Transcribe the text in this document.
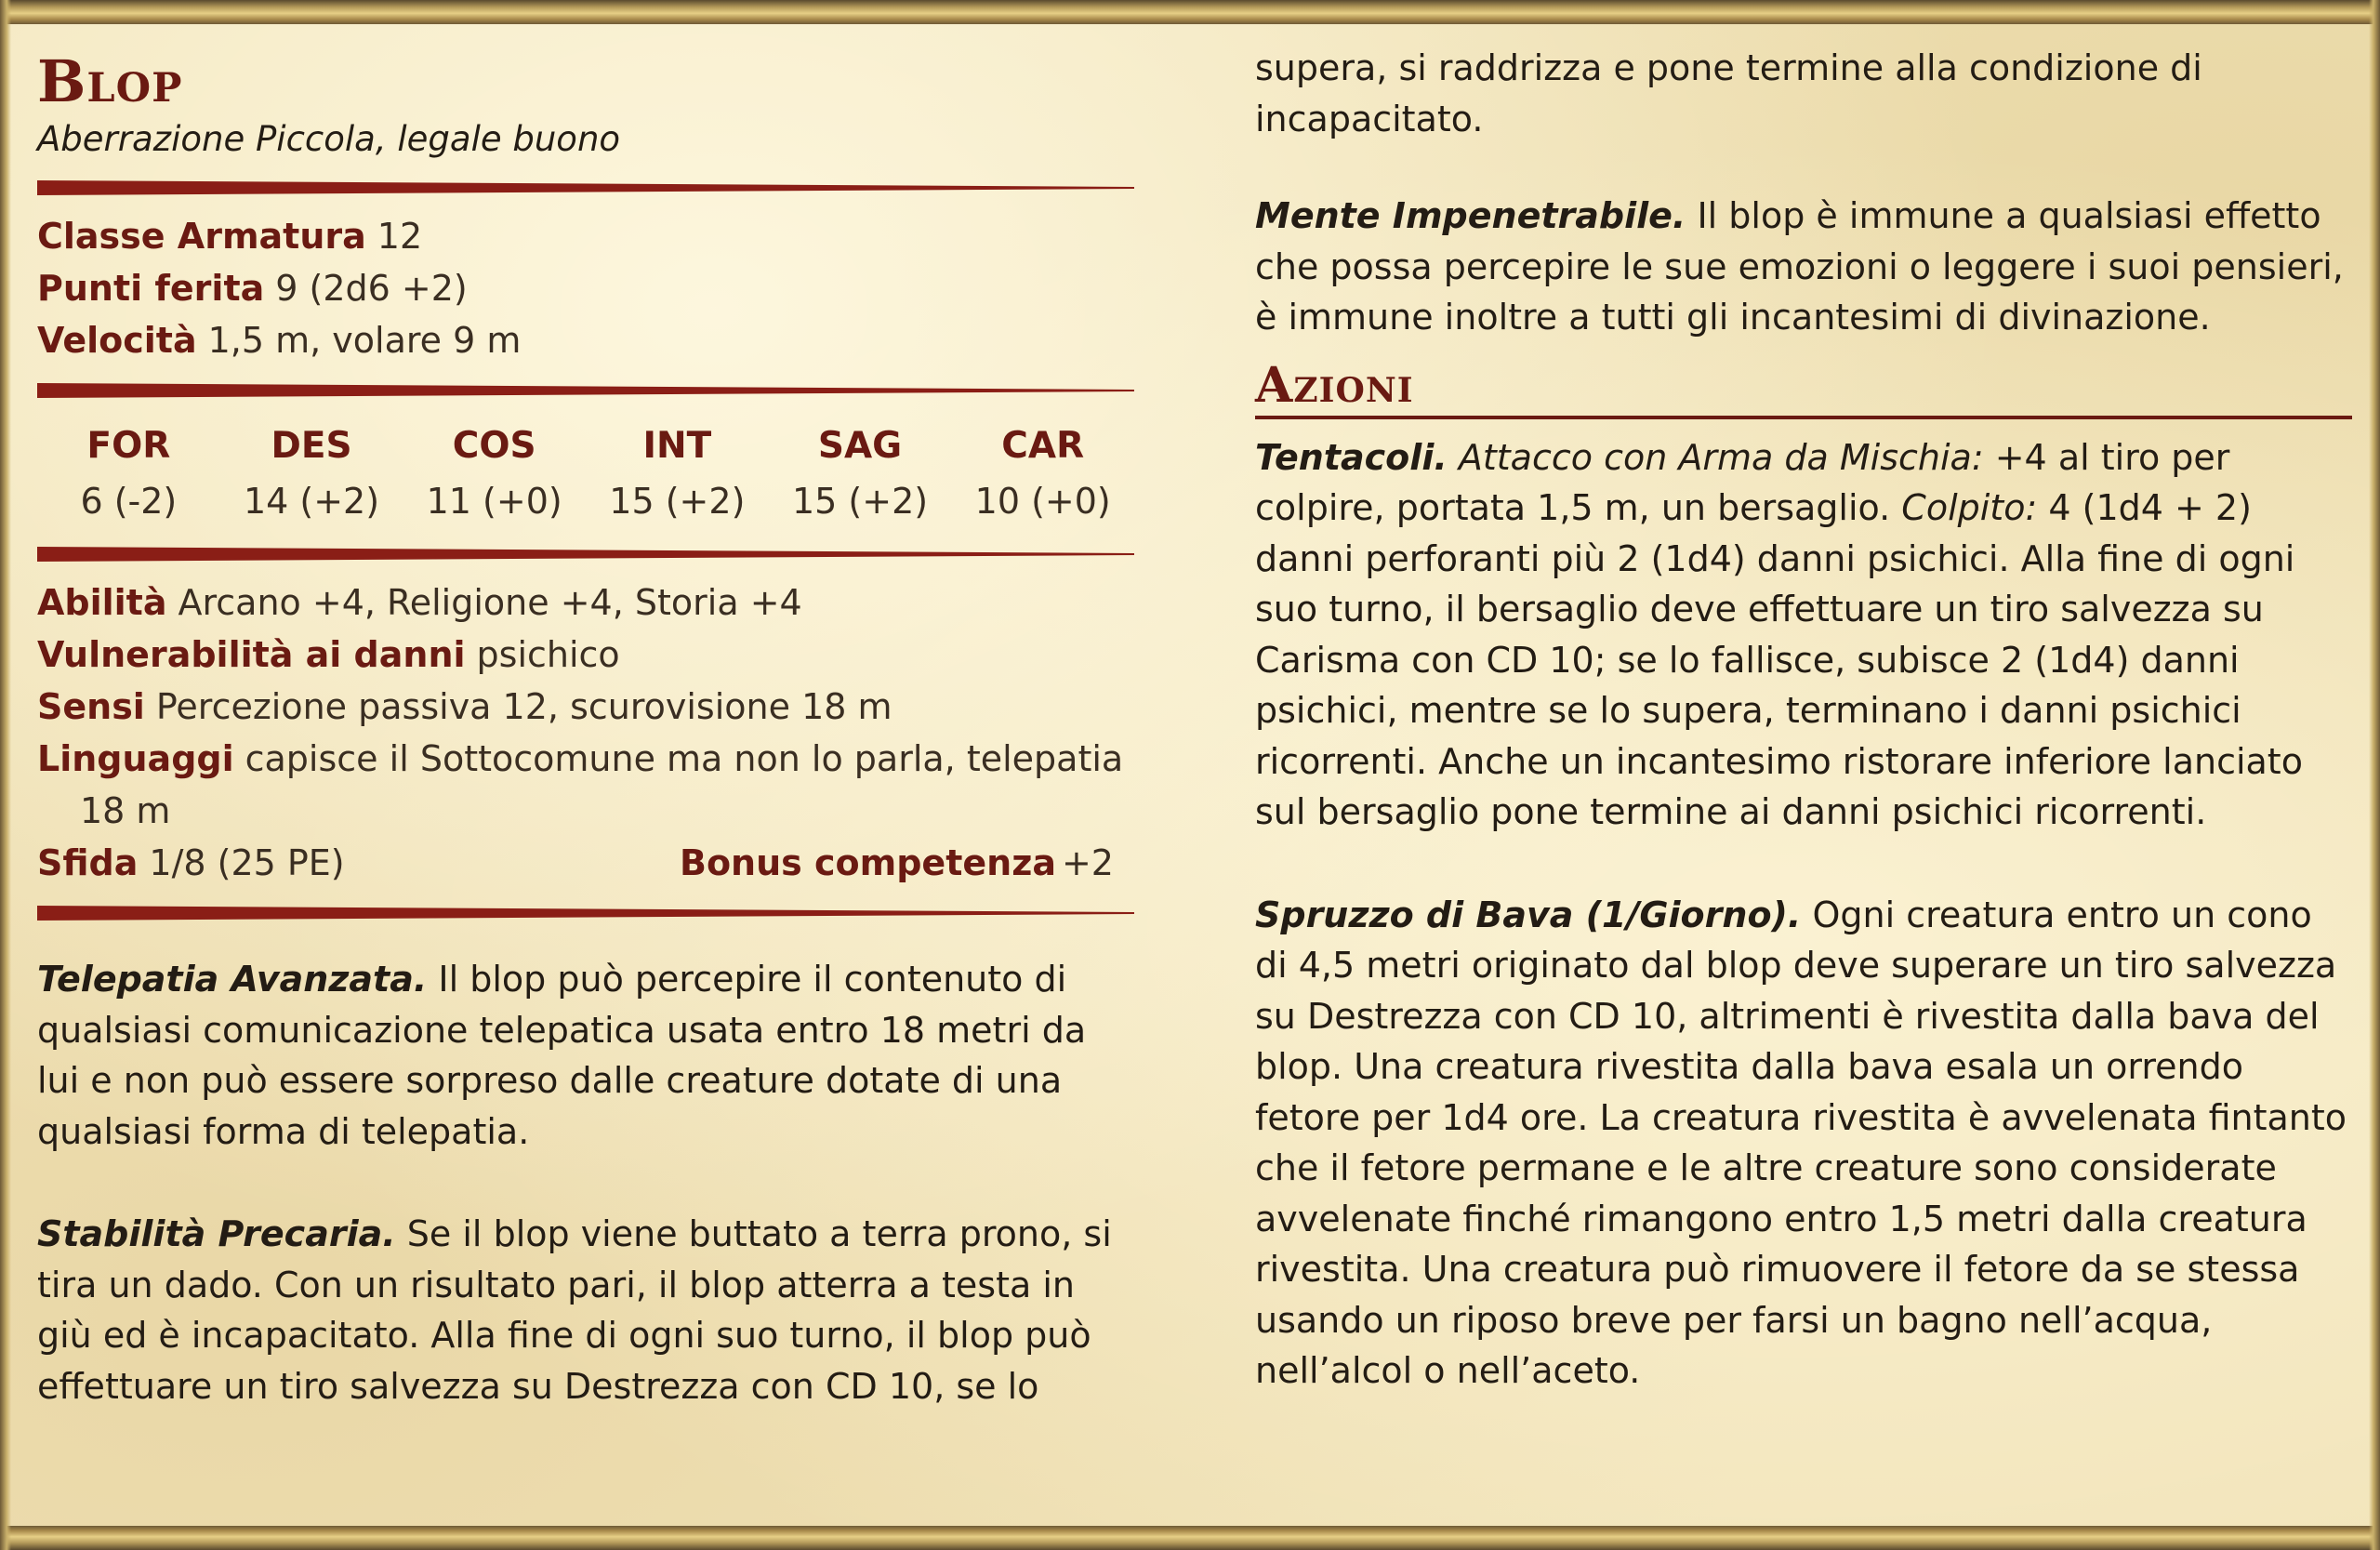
Blop

Aberrazione Piccola, legale buono

Classe Armatura 12
Punti ferita 9 (2d6 +2)
Velocità 1,5 m, volare 9 m
FOR
6 (-2)
DES
14 (+2)
COS
11 (+0)
INT
15 (+2)
SAG
15 (+2)
CAR
10 (+0)
Abilità Arcano +4, Religione +4, Storia +4
Vulnerabilità ai danni psichico
Sensi Percezione passiva 12, scurovisione 18 m
Linguaggi capisce il Sottocomune ma non lo parla, telepatia
18 m
Sfida 1/8 (25 PE)	Bonus competenza +2

Telepatia Avanzata. Il blop può percepire il contenuto di qualsiasi comunicazione telepatica usata entro 18 metri da lui e non può essere sorpreso dalle creature dotate di una qualsiasi forma di telepatia.

Stabilità Precaria. Se il blop viene buttato a terra prono, si tira un dado. Con un risultato pari, il blop atterra a testa in giù ed è incapacitato. Alla fine di ogni suo turno, il blop può effettuare un tiro salvezza su Destrezza con CD 10, se lo

supera, si raddrizza e pone termine alla condizione di incapacitato.

Mente Impenetrabile. Il blop è immune a qualsiasi effetto che possa percepire le sue emozioni o leggere i suoi pensieri, è immune inoltre a tutti gli incantesimi di divinazione.

Azioni

Tentacoli. Attacco con Arma da Mischia: +4 al tiro per colpire, portata 1,5 m, un bersaglio. Colpito: 4 (1d4 + 2) danni perforanti più 2 (1d4) danni psichici. Alla fine di ogni suo turno, il bersaglio deve effettuare un tiro salvezza su Carisma con CD 10; se lo fallisce, subisce 2 (1d4) danni psichici, mentre se lo supera, terminano i danni psichici ricorrenti. Anche un incantesimo ristorare inferiore lanciato sul bersaglio pone termine ai danni psichici ricorrenti.

Spruzzo di Bava (1/Giorno). Ogni creatura entro un cono di 4,5 metri originato dal blop deve superare un tiro salvezza su Destrezza con CD 10, altrimenti è rivestita dalla bava del blop. Una creatura rivestita dalla bava esala un orrendo fetore per 1d4 ore. La creatura rivestita è avvelenata fintanto che il fetore permane e le altre creature sono considerate avvelenate finché rimangono entro 1,5 metri dalla creatura rivestita. Una creatura può rimuovere il fetore da se stessa usando un riposo breve per farsi un bagno nell’acqua, nell’alcol o nell’aceto.
